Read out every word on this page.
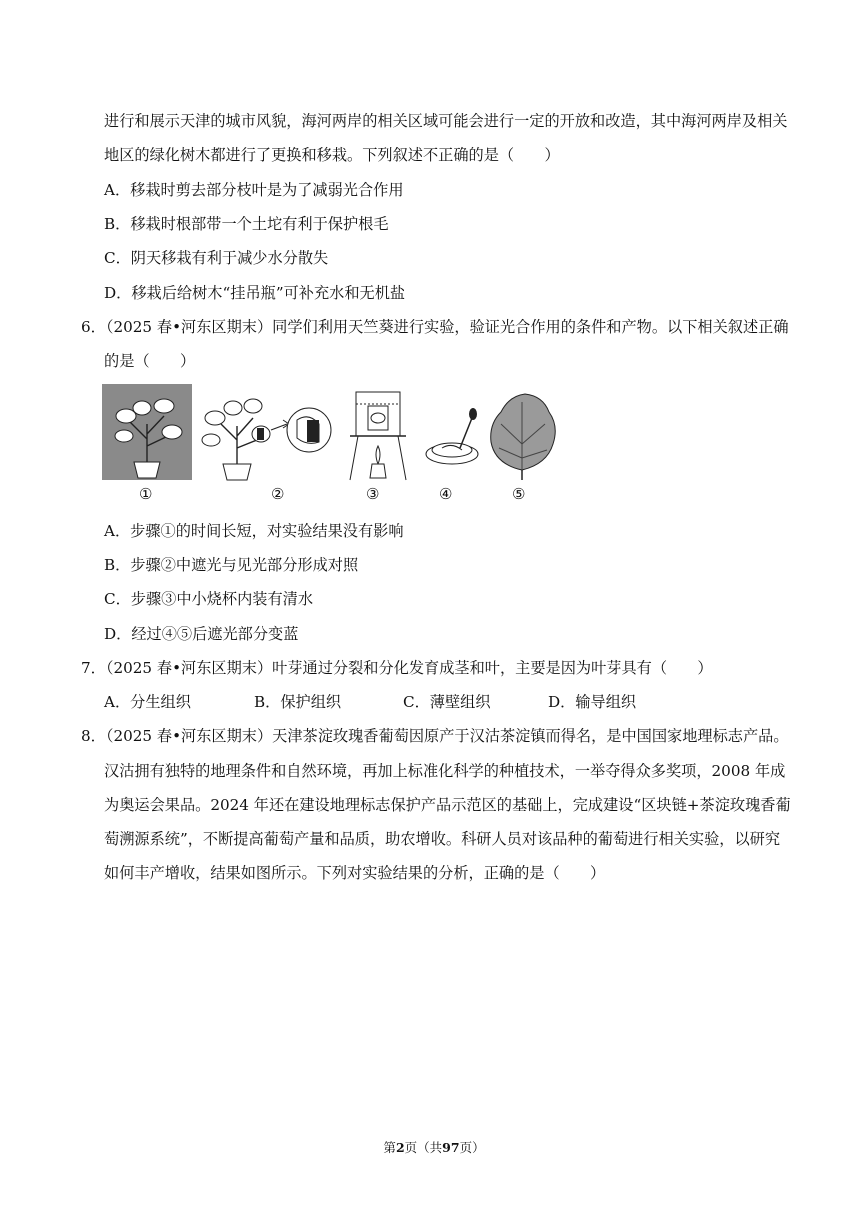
进行和展示天津的城市风貌，海河两岸的相关区域可能会进行一定的开放和改造，其中海河两岸及相关
地区的绿化树木都进行了更换和移栽。下列叙述不正确的是（　　）
A．移栽时剪去部分枝叶是为了减弱光合作用
B．移栽时根部带一个土坨有利于保护根毛
C．阴天移栽有利于减少水分散失
D．移栽后给树木“挂吊瓶”可补充水和无机盐
6．（2025 春•河东区期末）同学们利用天竺葵进行实验，验证光合作用的条件和产物。以下相关叙述正确
的是（　　）
①	②	③	④	⑤
A．步骤①的时间长短，对实验结果没有影响
B．步骤②中遮光与见光部分形成对照
C．步骤③中小烧杯内装有清水
D．经过④⑤后遮光部分变蓝
7．（2025 春•河东区期末）叶芽通过分裂和分化发育成茎和叶，主要是因为叶芽具有（　　）
A．分生组织	B．保护组织	C．薄壁组织	D．输导组织
8．（2025 春•河东区期末）天津茶淀玫瑰香葡萄因原产于汉沽茶淀镇而得名，是中国国家地理标志产品。
汉沽拥有独特的地理条件和自然环境，再加上标准化科学的种植技术，一举夺得众多奖项，2008 年成
为奥运会果品。2024 年还在建设地理标志保护产品示范区的基础上，完成建设“区块链+茶淀玫瑰香葡
萄溯源系统”，不断提高葡萄产量和品质，助农增收。科研人员对该品种的葡萄进行相关实验，以研究
如何丰产增收，结果如图所示。下列对实验结果的分析，正确的是（　　）
第2页（共97页）
